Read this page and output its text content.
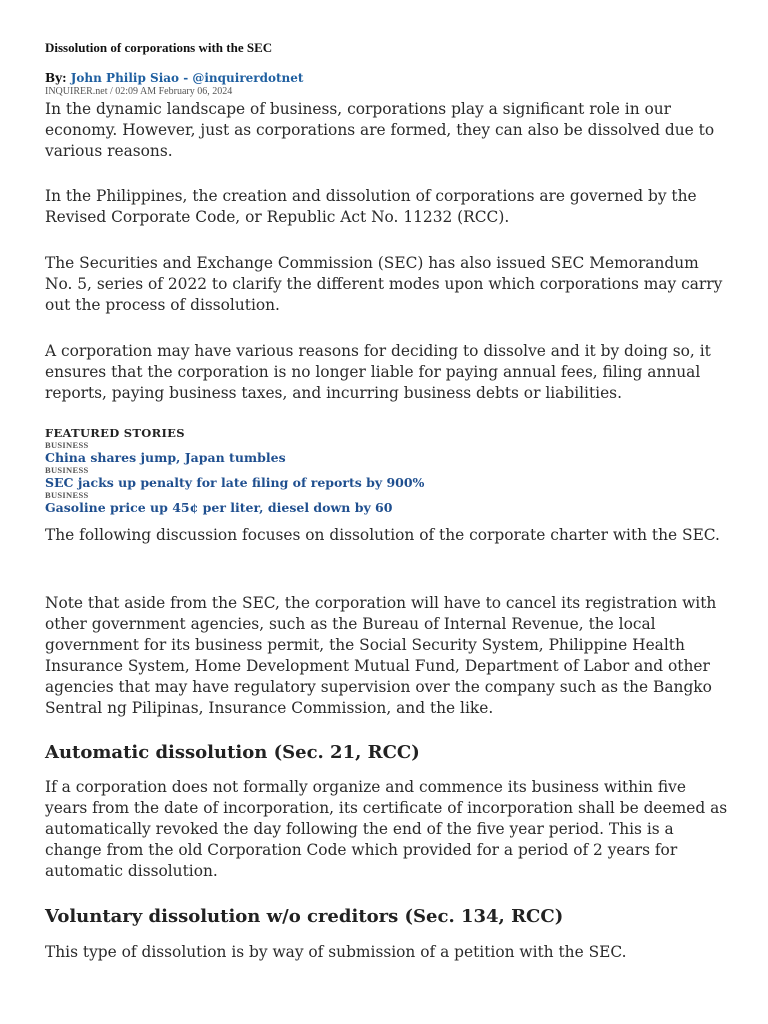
Dissolution of corporations with the SEC
By: John Philip Siao - @inquirerdotnet
INQUIRER.net / 02:09 AM February 06, 2024

In the dynamic landscape of business, corporations play a significant role in our economy. However, just as corporations are formed, they can also be dissolved due to various reasons.

In the Philippines, the creation and dissolution of corporations are governed by the Revised Corporate Code, or Republic Act No. 11232 (RCC).

The Securities and Exchange Commission (SEC) has also issued SEC Memorandum No. 5, series of 2022 to clarify the different modes upon which corporations may carry out the process of dissolution.

A corporation may have various reasons for deciding to dissolve and it by doing so, it ensures that the corporation is no longer liable for paying annual fees, filing annual reports, paying business taxes, and incurring business debts or liabilities.

FEATURED STORIES

BUSINESS
China shares jump, Japan tumbles
BUSINESS
SEC jacks up penalty for late filing of reports by 900%
BUSINESS
Gasoline price up 45¢ per liter, diesel down by 60

The following discussion focuses on dissolution of the corporate charter with the SEC.

Note that aside from the SEC, the corporation will have to cancel its registration with other government agencies, such as the Bureau of Internal Revenue, the local government for its business permit, the Social Security System, Philippine Health Insurance System, Home Development Mutual Fund, Department of Labor and other agencies that may have regulatory supervision over the company such as the Bangko Sentral ng Pilipinas, Insurance Commission, and the like.

Automatic dissolution (Sec. 21, RCC)

If a corporation does not formally organize and commence its business within five years from the date of incorporation, its certificate of incorporation shall be deemed as automatically revoked the day following the end of the five year period. This is a change from the old Corporation Code which provided for a period of 2 years for automatic dissolution.

Voluntary dissolution w/o creditors (Sec. 134, RCC)

This type of dissolution is by way of submission of a petition with the SEC.
